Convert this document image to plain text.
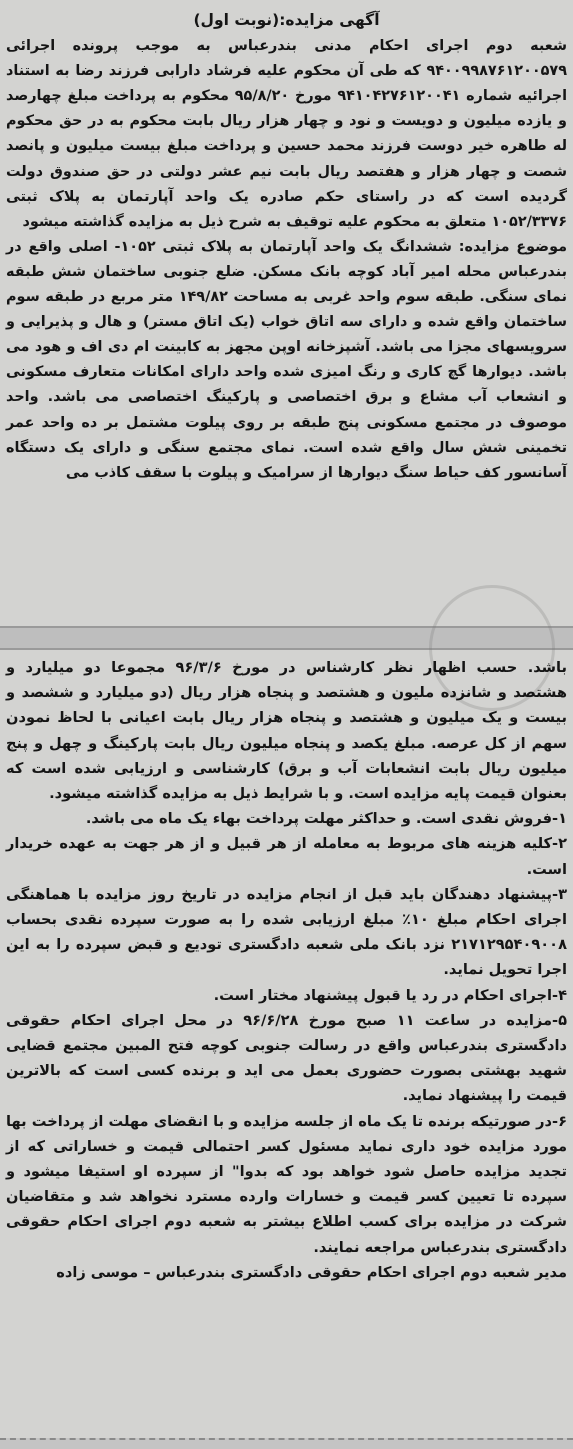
آگهی مزایده:(نوبت اول)

شعبه دوم اجرای احکام مدنی بندرعباس به موجب پرونده اجرائی ۹۴۰۰۹۹۸۷۶۱۲۰۰۵۷۹ که طی آن محکوم علیه فرشاد دارابی فرزند رضا به استناد اجرائیه شماره ۹۴۱۰۴۲۷۶۱۲۰۰۴۱ مورخ ۹۵/۸/۲۰ محکوم به پرداخت مبلغ چهارصد و یازده میلیون و دویست و نود و چهار هزار ریال بابت محکوم به در حق محکوم له طاهره خیر دوست فرزند محمد حسین و پرداخت مبلغ بیست میلیون و پانصد شصت و چهار هزار و هفتصد ریال بابت نیم عشر دولتی در حق صندوق دولت گردیده است که در راستای حکم صادره یک واحد آپارتمان به پلاک ثبتی ۱۰۵۲/۳۳۷۶ متعلق به محکوم علیه توقیف به شرح ذیل به مزایده گذاشته میشود

موضوع مزایده: ششدانگ یک واحد آپارتمان به پلاک ثبتی ۱۰۵۲- اصلی واقع در بندرعباس محله امیر آباد کوچه بانک مسکن. ضلع جنوبی ساختمان شش طبقه نمای سنگی. طبقه سوم واحد غربی به مساحت ۱۴۹/۸۲ متر مربع در طبقه سوم ساختمان واقع شده و دارای سه اتاق خواب (یک اتاق مستر) و هال و پذیرایی و سرویسهای مجزا می باشد. آشپزخانه اوپن مجهز به کابینت ام دی اف و هود می باشد. دیوارها گچ کاری و رنگ امیزی شده واحد دارای امکانات متعارف مسکونی و انشعاب آب مشاع و برق اختصاصی و پارکینگ اختصاصی می باشد. واحد موصوف در مجتمع مسکونی پنج طبقه بر روی پیلوت مشتمل بر ده واحد عمر تخمینی شش سال واقع شده است. نمای مجتمع سنگی و دارای یک دستگاه آسانسور کف حیاط سنگ دیوارها از سرامیک و پیلوت با سقف کاذب می

باشد. حسب اظهار نظر کارشناس در مورخ ۹۶/۳/۶ مجموعا دو میلیارد و هشتصد و شانزده ملیون و هشتصد و پنجاه هزار ریال (دو میلیارد و ششصد و بیست و یک میلیون و هشتصد و پنجاه هزار ریال بابت اعیانی با لحاظ نمودن سهم از کل عرصه. مبلغ یکصد و پنجاه میلیون ریال بابت پارکینگ و چهل و پنج میلیون ریال بابت انشعابات آب و برق) کارشناسی و ارزیابی شده است که بعنوان قیمت پایه مزایده است. و با شرایط ذیل به مزایده گذاشته میشود.

۱-فروش نقدی است. و حداکثر مهلت پرداخت بهاء یک ماه می باشد.

۲-کلیه هزینه های مربوط به معامله از هر قبیل و از هر جهت به عهده خریدار است.

۳-پیشنهاد دهندگان باید قبل از انجام مزایده در تاریخ روز مزایده با هماهنگی اجرای احکام مبلغ ۱۰٪ مبلغ ارزیابی شده را به صورت سپرده نقدی بحساب ۲۱۷۱۲۹۵۴۰۹۰۰۸ نزد بانک ملی شعبه دادگستری تودیع و قبض سپرده را به این اجرا تحویل نماید.

۴-اجرای احکام در رد یا قبول پیشنهاد مختار است.

۵-مزایده در ساعت ۱۱ صبح مورخ ۹۶/۶/۲۸ در محل اجرای احکام حقوقی دادگستری بندرعباس واقع در رسالت جنوبی کوچه فتح المبین مجتمع قضایی شهید بهشتی بصورت حضوری بعمل می اید و برنده کسی است که بالاترین قیمت را پیشنهاد نماید.

۶-در صورتیکه برنده تا یک ماه از جلسه مزایده و با انقضای مهلت از پرداخت بها مورد مزایده خود داری نماید مسئول کسر احتمالی قیمت و خساراتی که از تجدید مزایده حاصل شود خواهد بود که بدوا" از سپرده او استیفا میشود و سپرده تا تعیین کسر قیمت و خسارات وارده مسترد نخواهد شد و متقاضیان شرکت در مزایده برای کسب اطلاع بیشتر به شعبه دوم اجرای احکام حقوقی دادگستری بندرعباس مراجعه نمایند.

مدیر شعبه دوم اجرای احکام حقوقی دادگستری بندرعباس – موسی زاده
